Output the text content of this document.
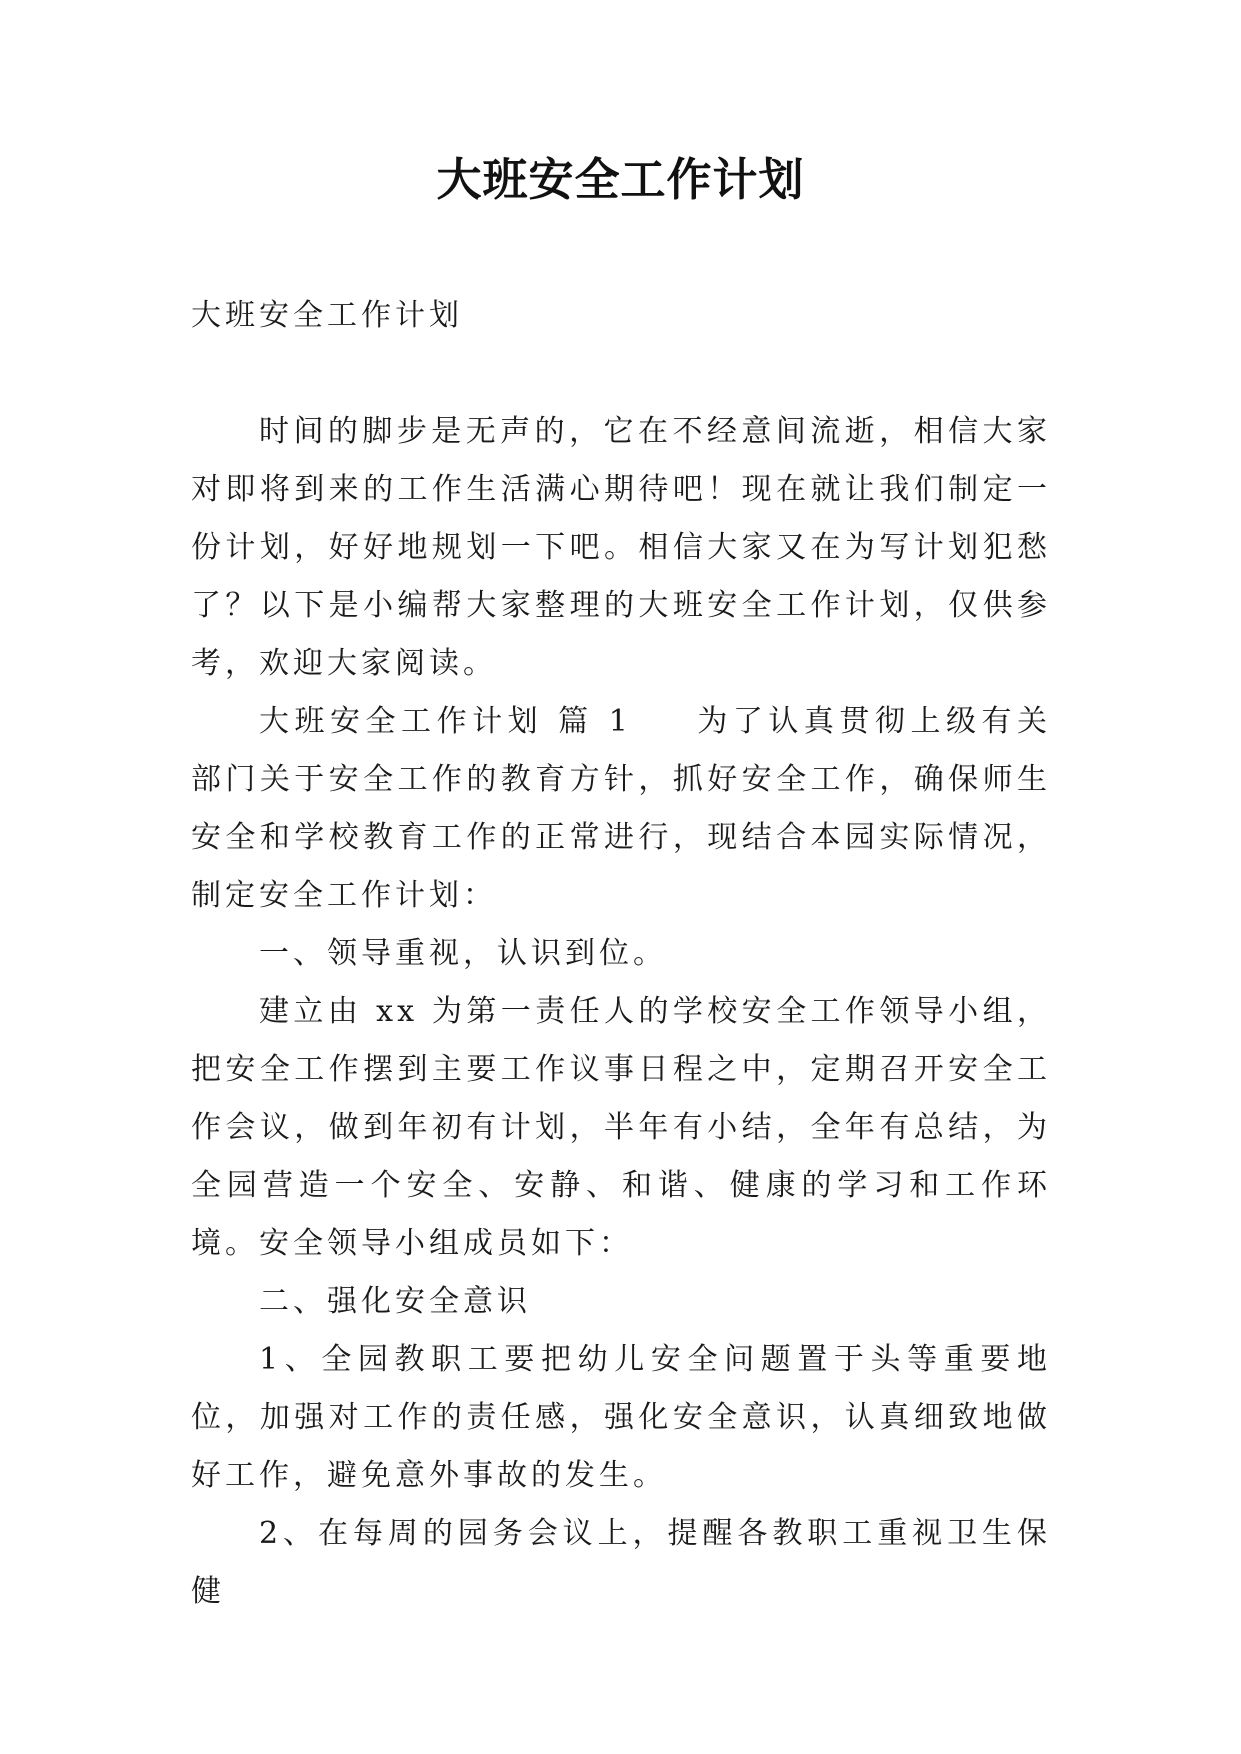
大班安全工作计划

大班安全工作计划

时间的脚步是无声的，它在不经意间流逝，相信大家对即将到来的工作生活满心期待吧！现在就让我们制定一份计划，好好地规划一下吧。相信大家又在为写计划犯愁了？以下是小编帮大家整理的大班安全工作计划，仅供参考，欢迎大家阅读。

大班安全工作计划 篇 1 为了认真贯彻上级有关部门关于安全工作的教育方针，抓好安全工作，确保师生安全和学校教育工作的正常进行，现结合本园实际情况，制定安全工作计划：

一、领导重视，认识到位。

建立由 xx 为第一责任人的学校安全工作领导小组，把安全工作摆到主要工作议事日程之中，定期召开安全工作会议，做到年初有计划，半年有小结，全年有总结，为全园营造一个安全、安静、和谐、健康的学习和工作环境。安全领导小组成员如下：

二、强化安全意识

1、全园教职工要把幼儿安全问题置于头等重要地位，加强对工作的责任感，强化安全意识，认真细致地做好工作，避免意外事故的发生。

2、在每周的园务会议上，提醒各教职工重视卫生保健
